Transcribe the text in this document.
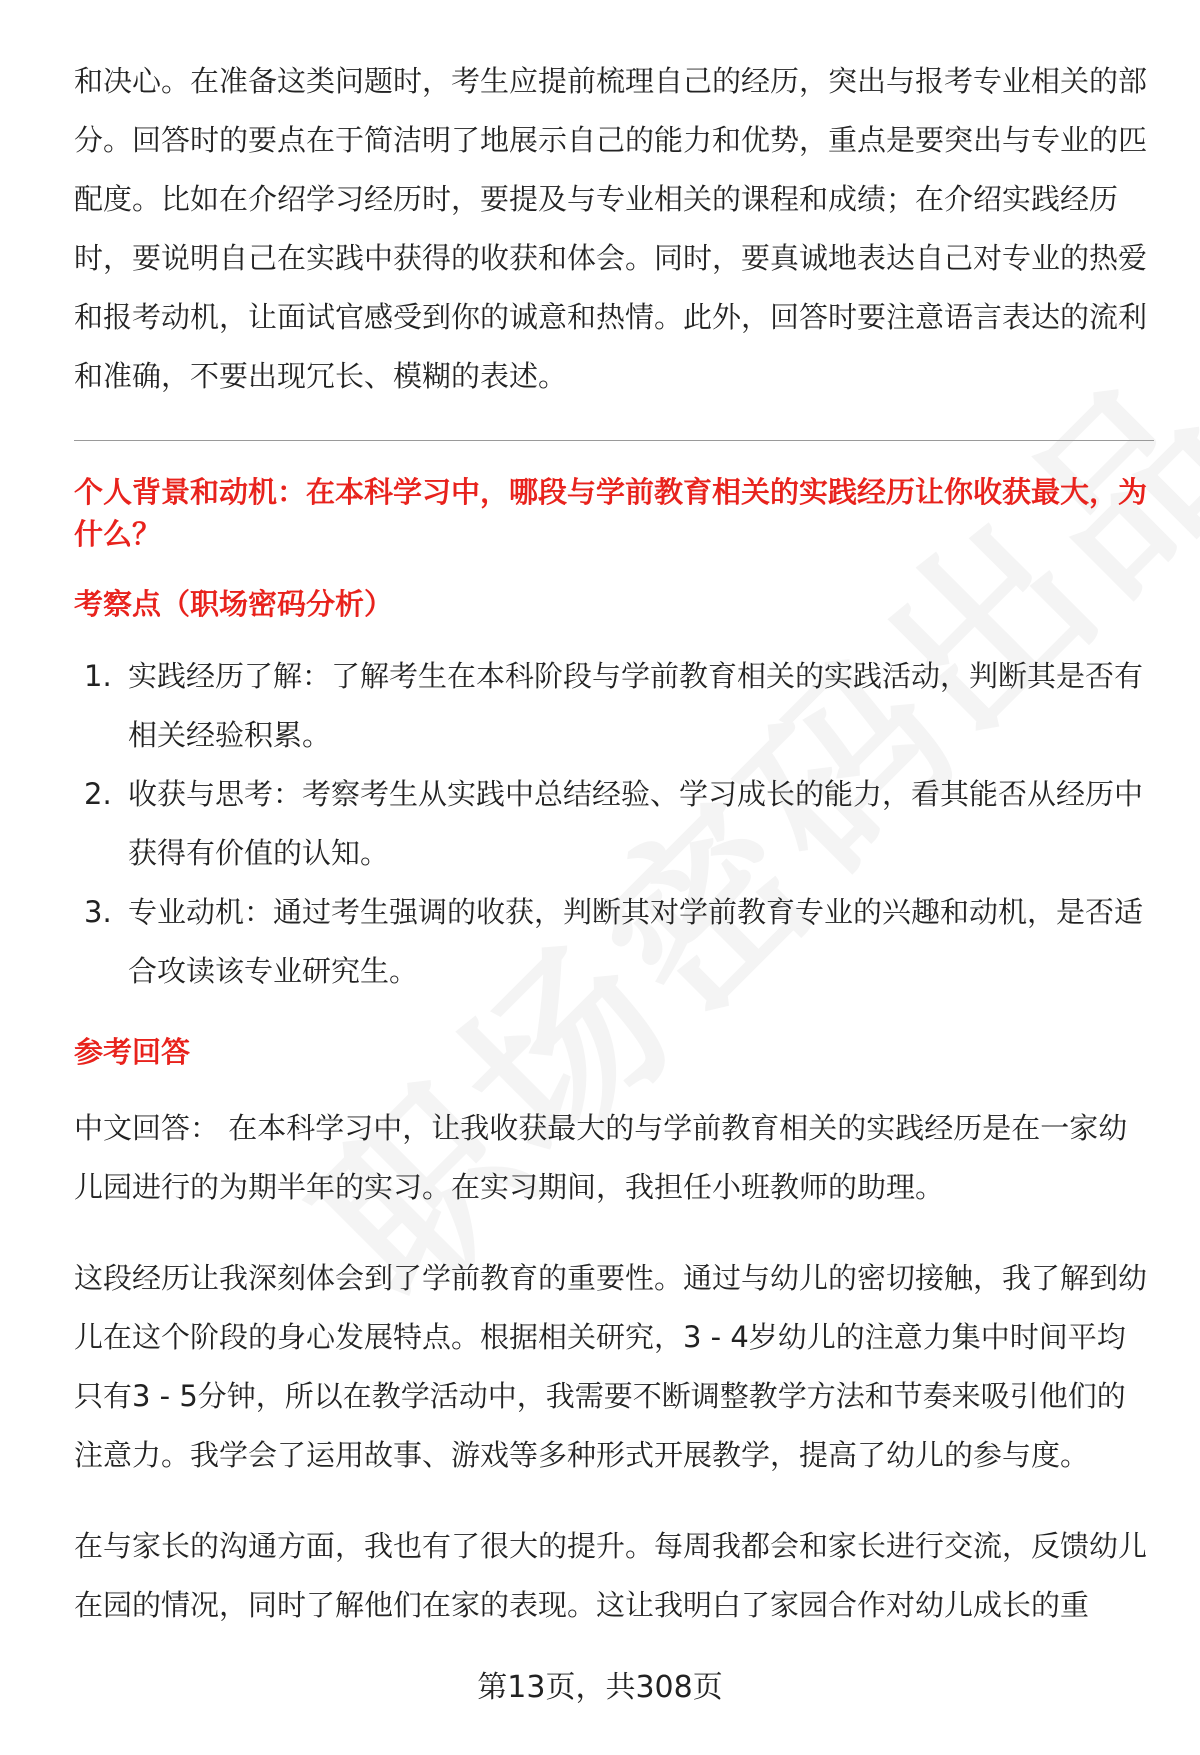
和决心。在准备这类问题时，考生应提前梳理自己的经历，突出与报考专业相关的部分。回答时的要点在于简洁明了地展示自己的能力和优势，重点是要突出与专业的匹配度。比如在介绍学习经历时，要提及与专业相关的课程和成绩；在介绍实践经历时，要说明自己在实践中获得的收获和体会。同时，要真诚地表达自己对专业的热爱和报考动机，让面试官感受到你的诚意和热情。此外，回答时要注意语言表达的流利和准确，不要出现冗长、模糊的表述。

个人背景和动机：在本科学习中，哪段与学前教育相关的实践经历让你收获最大，为什么？

考察点（职场密码分析）

1. 实践经历了解：了解考生在本科阶段与学前教育相关的实践活动，判断其是否有相关经验积累。
2. 收获与思考：考察考生从实践中总结经验、学习成长的能力，看其能否从经历中获得有价值的认知。
3. 专业动机：通过考生强调的收获，判断其对学前教育专业的兴趣和动机，是否适合攻读该专业研究生。

参考回答

中文回答： 在本科学习中，让我收获最大的与学前教育相关的实践经历是在一家幼儿园进行的为期半年的实习。在实习期间，我担任小班教师的助理。

这段经历让我深刻体会到了学前教育的重要性。通过与幼儿的密切接触，我了解到幼儿在这个阶段的身心发展特点。根据相关研究，3 - 4岁幼儿的注意力集中时间平均只有3 - 5分钟，所以在教学活动中，我需要不断调整教学方法和节奏来吸引他们的注意力。我学会了运用故事、游戏等多种形式开展教学，提高了幼儿的参与度。

在与家长的沟通方面，我也有了很大的提升。每周我都会和家长进行交流，反馈幼儿在园的情况，同时了解他们在家的表现。这让我明白了家园合作对幼儿成长的重

第13页，共308页
